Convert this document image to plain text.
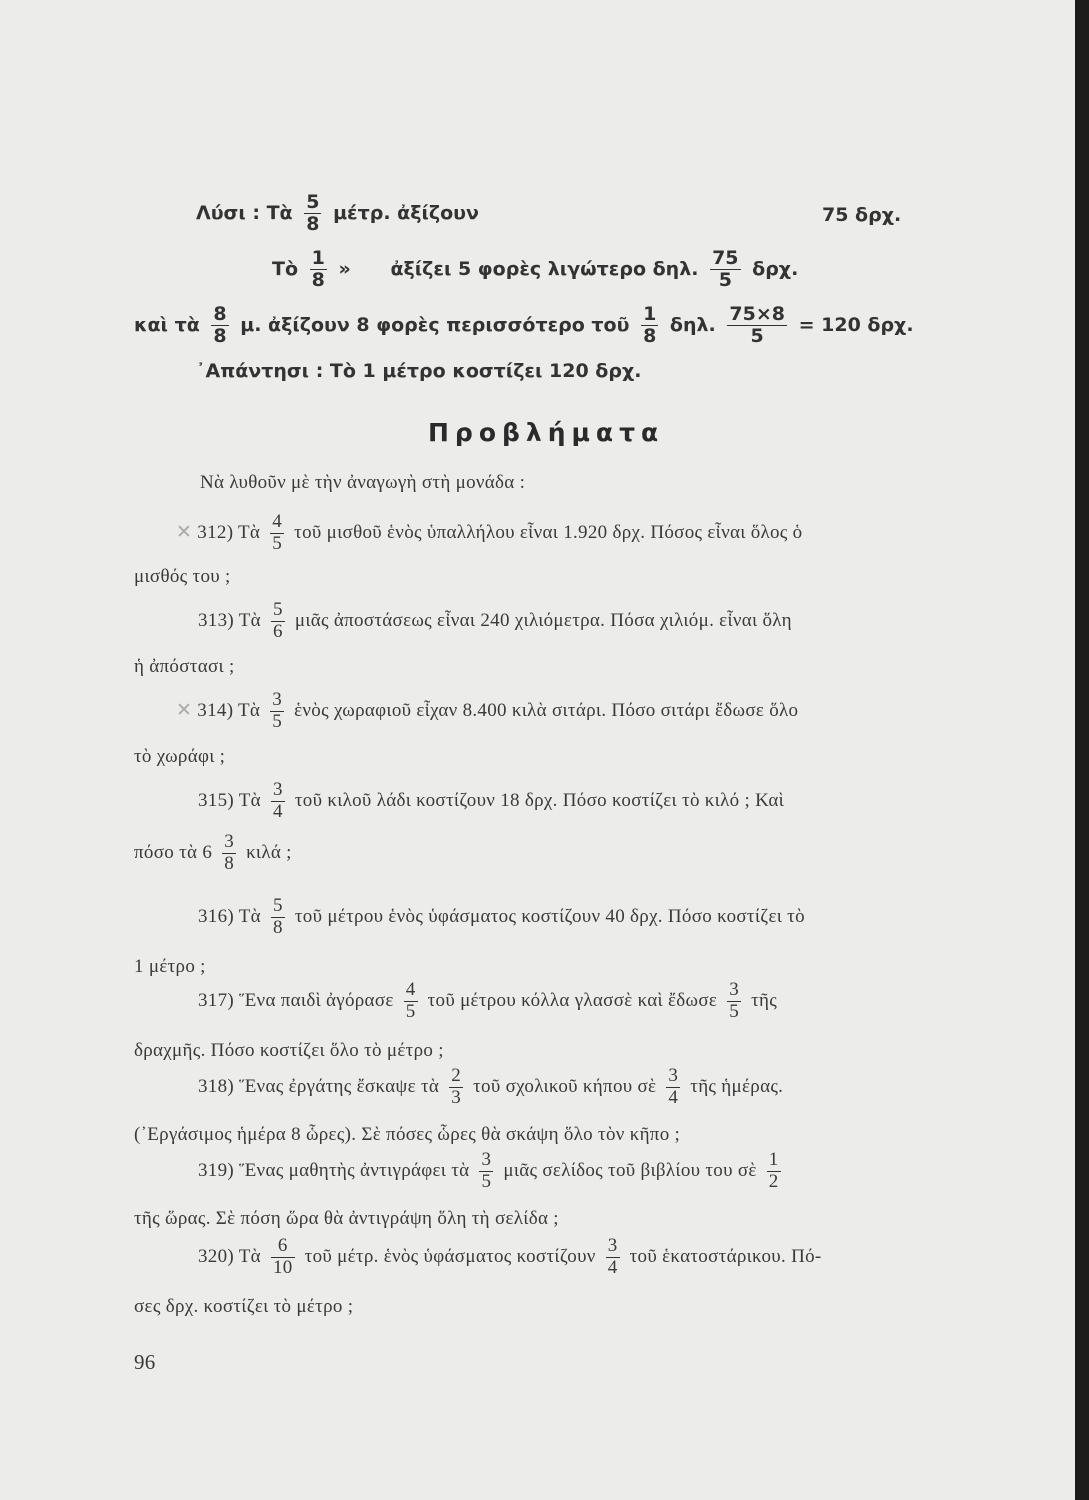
Λύσι : Τὰ $\frac{5}{8} \mu έ\tau\rho$. ἀξίζουν	75 δρχ.
Τὸ $\frac{1}{8}$ »      ἀξίζει 5 φορὲς λιγώτερο δηλ. $\frac{75}{5} \delta\rho\chi$.
καὶ τὰ $\frac{8}{8} \mu$. ἀξίζουν 8 φορὲς περισσότερο τοῦ $\frac{1}{8} \delta\eta\lambda$. $\frac{75\times 8}{5} = 120$ δρχ.
᾿Απάντησι : Τὸ 1 μέτρο κοστίζει 120 δρχ.
Προβλήματα
Νὰ λυθοῦν μὲ τὴν ἀναγωγὴ στὴ μονάδα :
✕ 312) Τὰ $\frac{4}{5}$ τοῦ μισθοῦ ἑνὸς ὑπαλλήλου εἶναι 1.920 δρχ. Πόσος εἶναι ὅλος ὁ
μισθός του ;
313) Τὰ $\frac{5}{6}$ μιᾶς ἀποστάσεως εἶναι 240 χιλιόμετρα. Πόσα χιλιόμ. εἶναι ὅλη
ἡ ἀπόστασι ;
✕ 314) Τὰ $\frac{3}{5}$ ἑνὸς χωραφιοῦ εἶχαν 8.400 κιλὰ σιτάρι. Πόσο σιτάρι ἔδωσε ὅλο
τὸ χωράφι ;
315) Τὰ $\frac{3}{4}$ τοῦ κιλοῦ λάδι κοστίζουν 18 δρχ. Πόσο κοστίζει τὸ κιλό ; Καὶ
πόσο τὰ $6 \frac{3}{8}$ κιλά ;
316) Τὰ $\frac{5}{8}$ τοῦ μέτρου ἑνὸς ὑφάσματος κοστίζουν 40 δρχ. Πόσο κοστίζει τὸ
1 μέτρο ;
317) Ἕνα παιδὶ ἀγόρασε $\frac{4}{5}$ τοῦ μέτρου κόλλα γλασσὲ καὶ ἔδωσε $\frac{3}{5}$ τῆς
δραχμῆς. Πόσο κοστίζει ὅλο τὸ μέτρο ;
318) Ἕνας ἐργάτης ἔσκαψε τὰ $\frac{2}{3}$ τοῦ σχολικοῦ κήπου σὲ $\frac{3}{4}$ τῆς ἡμέρας.
(᾿Εργάσιμος ἡμέρα 8 ὧρες). Σὲ πόσες ὧρες θὰ σκάψη ὅλο τὸν κῆπο ;
319) Ἕνας μαθητὴς ἀντιγράφει τὰ $\frac{3}{5}$ μιᾶς σελίδος τοῦ βιβλίου του σὲ $\frac{1}{2}$
τῆς ὥρας. Σὲ πόση ὥρα θὰ ἀντιγράψη ὅλη τὴ σελίδα ;
320) Τὰ $\frac{6}{10}$ τοῦ μέτρ. ἑνὸς ὑφάσματος κοστίζουν $\frac{3}{4}$ τοῦ ἑκατοστάρικου. Πό-
σες δρχ. κοστίζει τὸ μέτρο ;
96
